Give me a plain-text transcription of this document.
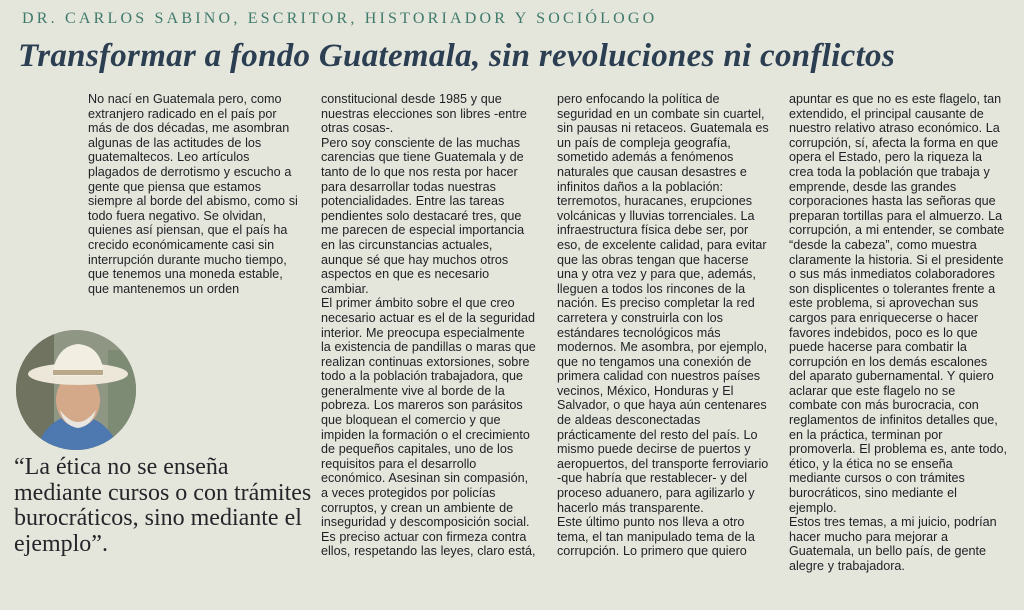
DR. CARLOS SABINO, ESCRITOR, HISTORIADOR Y SOCIÓLOGO
Transformar a fondo Guatemala, sin revoluciones ni conflictos

No nací en Guatemala pero, como extranjero radicado en el país por más de dos décadas, me asombran algunas de las actitudes de los guatemaltecos. Leo artículos plagados de derrotismo y escucho a gente que piensa que estamos siempre al borde del abismo, como si todo fuera negativo. Se olvidan, quienes así piensan, que el país ha crecido económicamente casi sin interrupción durante mucho tiempo, que tenemos una moneda estable, que mantenemos un orden

constitucional desde 1985 y que nuestras elecciones son libres -entre otras cosas-.

Pero soy consciente de las muchas carencias que tiene Guatemala y de tanto de lo que nos resta por hacer para desarrollar todas nuestras potencialidades. Entre las tareas pendientes solo destacaré tres, que me parecen de especial importancia en las circunstancias actuales, aunque sé que hay muchos otros aspectos en que es necesario cambiar.

El primer ámbito sobre el que creo necesario actuar es el de la seguridad interior. Me preocupa especialmente la existencia de pandillas o maras que realizan continuas extorsiones, sobre todo a la población trabajadora, que generalmente vive al borde de la pobreza. Los mareros son parásitos que bloquean el comercio y que impiden la formación o el crecimiento de pequeños capitales, uno de los requisitos para el desarrollo económico. Asesinan sin compasión, a veces protegidos por policías corruptos, y crean un ambiente de inseguridad y descomposición social. Es preciso actuar con firmeza contra ellos, respetando las leyes, claro está,

pero enfocando la política de seguridad en un combate sin cuartel, sin pausas ni retaceos. Guatemala es un país de compleja geografía, sometido además a fenómenos naturales que causan desastres e infinitos daños a la población: terremotos, huracanes, erupciones volcánicas y lluvias torrenciales. La infraestructura física debe ser, por eso, de excelente calidad, para evitar que las obras tengan que hacerse una y otra vez y para que, además, lleguen a todos los rincones de la nación. Es preciso completar la red carretera y construirla con los estándares tecnológicos más modernos. Me asombra, por ejemplo, que no tengamos una conexión de primera calidad con nuestros países vecinos, México, Honduras y El Salvador, o que haya aún centenares de aldeas desconectadas prácticamente del resto del país. Lo mismo puede decirse de puertos y aeropuertos, del transporte ferroviario -que habría que restablecer- y del proceso aduanero, para agilizarlo y hacerlo más transparente.

Este último punto nos lleva a otro tema, el tan manipulado tema de la corrupción. Lo primero que quiero

apuntar es que no es este flagelo, tan extendido, el principal causante de nuestro relativo atraso económico. La corrupción, sí, afecta la forma en que opera el Estado, pero la riqueza la crea toda la población que trabaja y emprende, desde las grandes corporaciones hasta las señoras que preparan tortillas para el almuerzo. La corrupción, a mi entender, se combate “desde la cabeza”, como muestra claramente la historia. Si el presidente o sus más inmediatos colaboradores son displicentes o tolerantes frente a este problema, si aprovechan sus cargos para enriquecerse o hacer favores indebidos, poco es lo que puede hacerse para combatir la corrupción en los demás escalones del aparato gubernamental. Y quiero aclarar que este flagelo no se combate con más burocracia, con reglamentos de infinitos detalles que, en la práctica, terminan por promoverla. El problema es, ante todo, ético, y la ética no se enseña mediante cursos o con trámites burocráticos, sino mediante el ejemplo.

Estos tres temas, a mi juicio, podrían hacer mucho para mejorar a Guatemala, un bello país, de gente alegre y trabajadora.

“La ética no se enseña mediante cursos o con trámites burocráticos, sino mediante el ejemplo”.
